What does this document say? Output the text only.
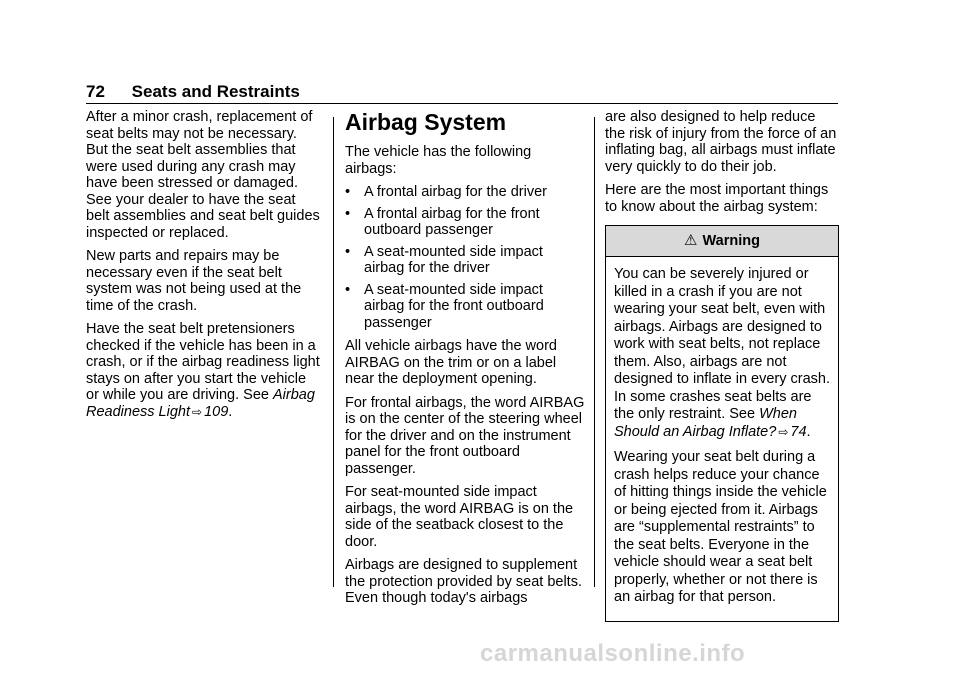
72 Seats and Restraints

After a minor crash, replacement of seat belts may not be necessary. But the seat belt assemblies that were used during any crash may have been stressed or damaged. See your dealer to have the seat belt assemblies and seat belt guides inspected or replaced.

New parts and repairs may be necessary even if the seat belt system was not being used at the time of the crash.

Have the seat belt pretensioners checked if the vehicle has been in a crash, or if the airbag readiness light stays on after you start the vehicle or while you are driving. See Airbag Readiness Light ⇨ 109.

Airbag System

The vehicle has the following airbags:

• A frontal airbag for the driver
• A frontal airbag for the front outboard passenger
• A seat-mounted side impact airbag for the driver
• A seat-mounted side impact airbag for the front outboard passenger

All vehicle airbags have the word AIRBAG on the trim or on a label near the deployment opening.

For frontal airbags, the word AIRBAG is on the center of the steering wheel for the driver and on the instrument panel for the front outboard passenger.

For seat-mounted side impact airbags, the word AIRBAG is on the side of the seatback closest to the door.

Airbags are designed to supplement the protection provided by seat belts. Even though today's airbags

are also designed to help reduce the risk of injury from the force of an inflating bag, all airbags must inflate very quickly to do their job.

Here are the most important things to know about the airbag system:

⚠ Warning

You can be severely injured or killed in a crash if you are not wearing your seat belt, even with airbags. Airbags are designed to work with seat belts, not replace them. Also, airbags are not designed to inflate in every crash. In some crashes seat belts are the only restraint. See When Should an Airbag Inflate? ⇨ 74.

Wearing your seat belt during a crash helps reduce your chance of hitting things inside the vehicle or being ejected from it. Airbags are “supplemental restraints” to the seat belts. Everyone in the vehicle should wear a seat belt properly, whether or not there is an airbag for that person.

carmanualsonline.info
